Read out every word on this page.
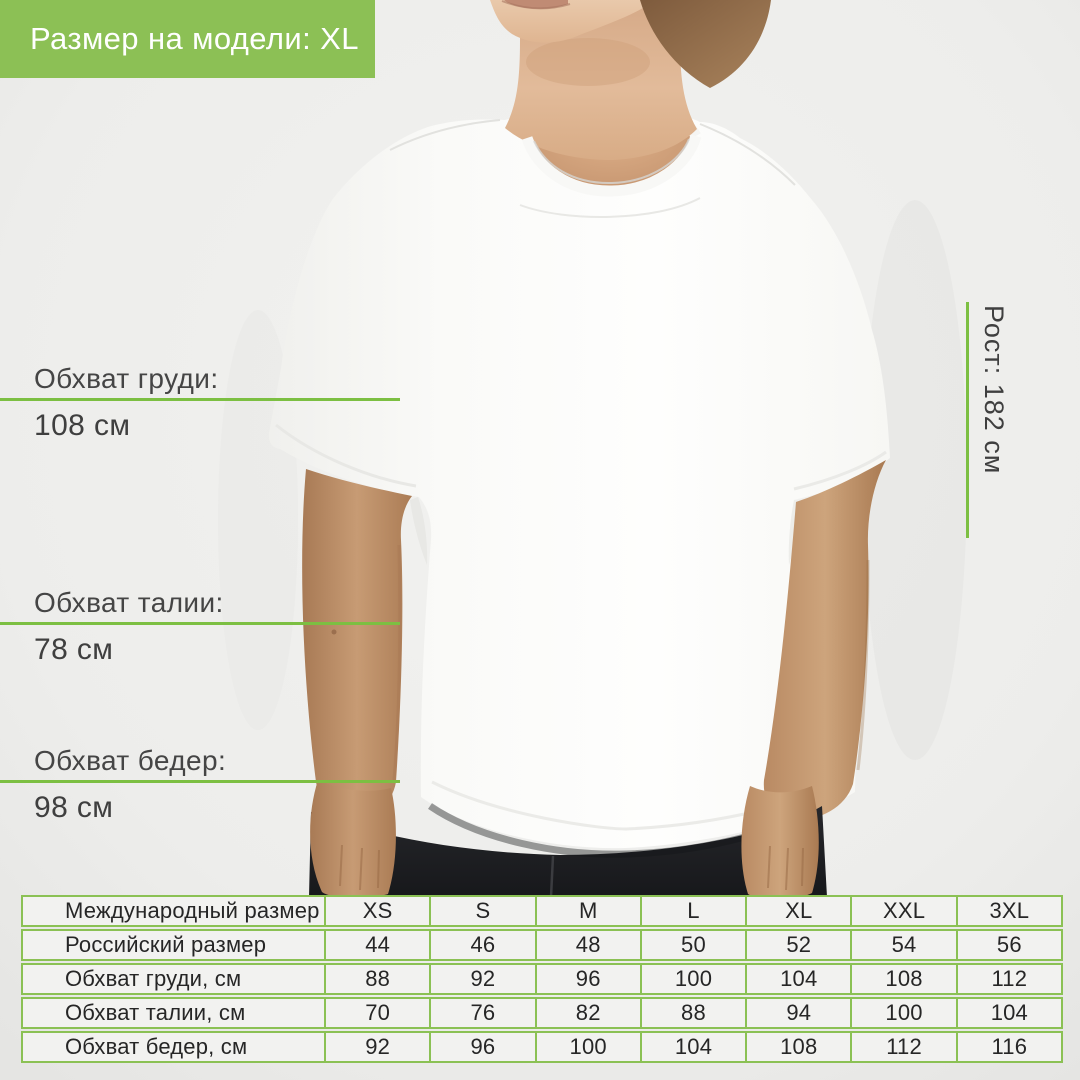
Размер на модели: XL
Обхват груди:
108 см
Обхват талии:
78 см
Обхват бедер:
98 см
Рост: 182 см
Международный размер	XS	S	M	L	XL	XXL	3XL
Российский размер	44	46	48	50	52	54	56
Обхват груди, см	88	92	96	100	104	108	112
Обхват талии, см	70	76	82	88	94	100	104
Обхват бедер, см	92	96	100	104	108	112	116
